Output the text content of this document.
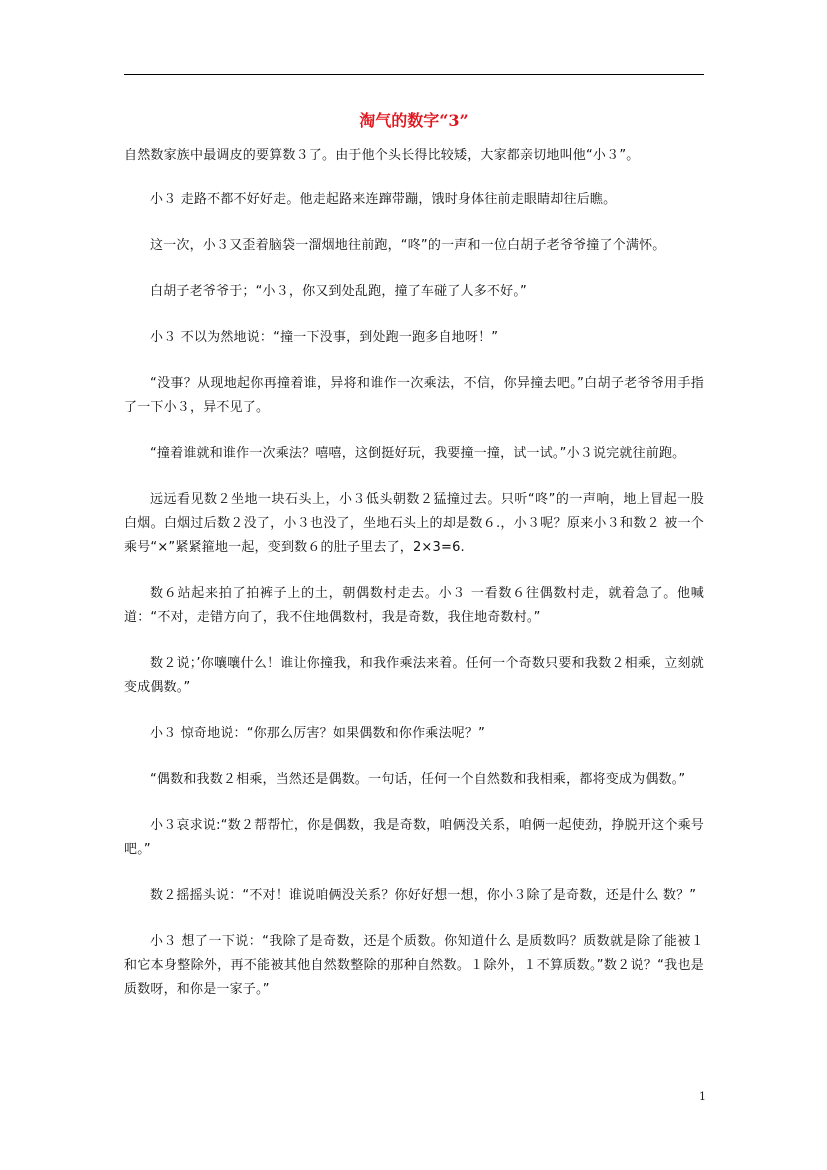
淘气的数字“3”

自然数家族中最调皮的要算数３了。由于他个头长得比较矮，大家都亲切地叫他“小３”。

小３ 走路不都不好好走。他走起路来连蹿带蹦，饿时身体往前走眼睛却往后瞧。

这一次，小３又歪着脑袋一溜烟地往前跑，“咚”的一声和一位白胡子老爷爷撞了个满怀。

白胡子老爷爷于；“小３，你又到处乱跑，撞了车碰了人多不好。”

小３ 不以为然地说：“撞一下没事，到处跑一跑多自地呀！”

“没事？从现地起你再撞着谁，异将和谁作一次乘法，不信，你异撞去吧。”白胡子老爷爷用手指了一下小３，异不见了。

“撞着谁就和谁作一次乘法？嘻嘻，这倒挺好玩，我要撞一撞，试一试。”小３说完就往前跑。

远远看见数２坐地一块石头上，小３低头朝数２猛撞过去。只听“咚”的一声响，地上冒起一股白烟。白烟过后数２没了，小３也没了，坐地石头上的却是数６.，小３呢？原来小３和数２ 被一个乘号“×”紧紧箍地一起，变到数６的肚子里去了，2×3=6.

数６站起来拍了拍裤子上的土，朝偶数村走去。小３ 一看数６往偶数村走，就着急了。他喊道：“不对，走错方向了，我不住地偶数村，我是奇数，我住地奇数村。”

数２说；’你嚷嚷什么！谁让你撞我，和我作乘法来着。任何一个奇数只要和我数２相乘，立刻就变成偶数。”

小３ 惊奇地说：“你那么厉害？如果偶数和你作乘法呢？”

“偶数和我数２相乘，当然还是偶数。一句话，任何一个自然数和我相乘，都将变成为偶数。”

小３哀求说:“数２帮帮忙，你是偶数，我是奇数，咱俩没关系，咱俩一起使劲，挣脱开这个乘号吧。”

数２摇摇头说：“不对！谁说咱俩没关系？你好好想一想，你小３除了是奇数，还是什么 数？”

小３ 想了一下说：“我除了是奇数，还是个质数。你知道什么 是质数吗？质数就是除了能被１和它本身整除外，再不能被其他自然数整除的那种自然数。１除外，１不算质数。”数２说？“我也是质数呀，和你是一家子。”

1
